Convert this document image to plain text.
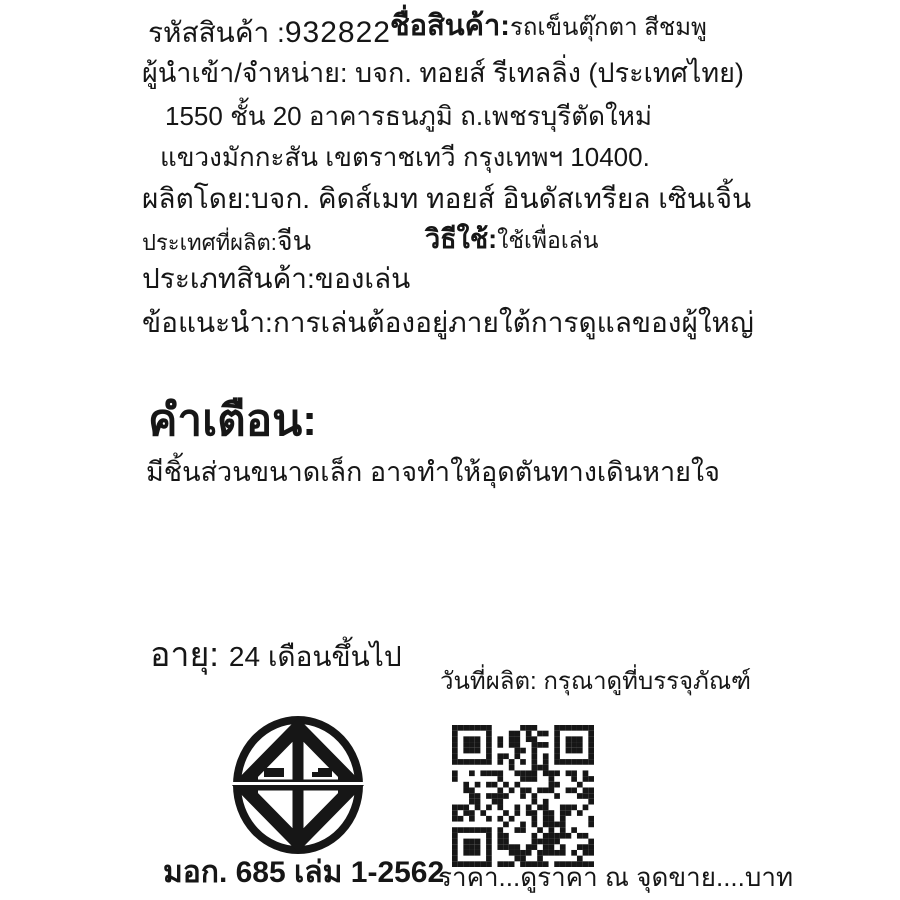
รหัสสินค้า : 932822 ชื่อสินค้า: รถเข็นตุ๊กตา สีชมพู
ผู้นำเข้า/จำหน่าย: บจก. ทอยส์ รีเทลลิ่ง (ประเทศไทย)
1550 ชั้น 20 อาคารธนภูมิ ถ.เพชรบุรีตัดใหม่
แขวงมักกะสัน เขตราชเทวี กรุงเทพฯ 10400.
ผลิตโดย:บจก. คิดส์เมท ทอยส์ อินดัสเทรียล เซินเจิ้น
ประเทศที่ผลิต: จีน	วิธีใช้: ใช้เพื่อเล่น
ประเภทสินค้า:ของเล่น
ข้อแนะนำ:การเล่นต้องอยู่ภายใต้การดูแลของผู้ใหญ่
คำเตือน:
มีชิ้นส่วนขนาดเล็ก อาจทำให้อุดตันทางเดินหายใจ
อายุ: 24 เดือนขึ้นไป
วันที่ผลิต: กรุณาดูที่บรรจุภัณฑ์
มอก. 685 เล่ม 1-2562
ราคา...ดูราคา ณ จุดขาย....บาท
